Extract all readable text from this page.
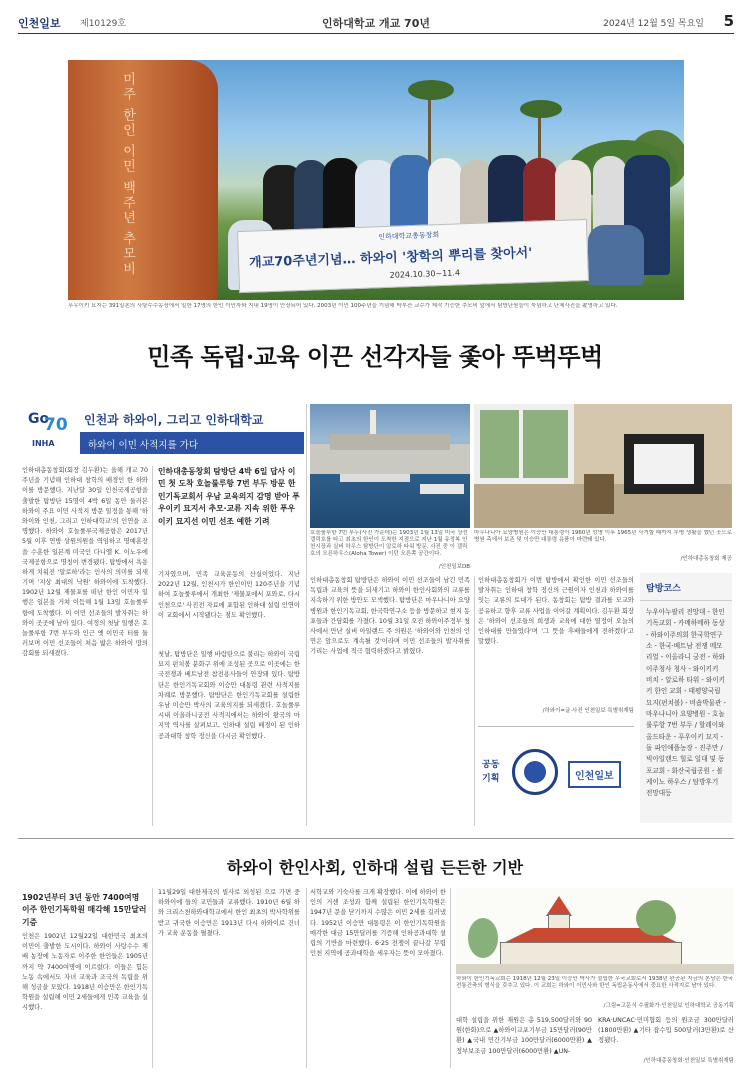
인천일보 제10129호	인하대학교 개교 70년	2024년 12월 5일 목요일 5
미주 한인 이민 백주년 추모비	인하대학교총동창회
개교70주년기념… 하와이 '창학의 뿌리를 찾아서'
2024.10.30~11.4
푸우이키 묘지는 391일본의 사탕수수농장에서 일한 17명의 한인 이민자와 지내 19명이 안장되어 있다. 2003년 이민 100주년을 기념해 박부잔 교수가 제작 기증한 추모비 앞에서 탐방단원들이 묵념하고 단체사진을 촬영하고 있다.
민족 독립·교육 이끈 선각자들 좇아 뚜벅뚜벅
Go
70
INHA
인천과 하와이, 그리고 인하대학교
하와이 이민 사적지를 가다
인하대총동창회(회장 김두환)는 올해 개교 70주년을 기념해 인하대 창학의 배경인 한 하와이를 방문했다. 지난달 30일 인천국제공항을 출발한 탐방단 15명이 4박 6일 동안 둘러본 하와이 주요 이민 사적지 방문 일정을 통해 '하와이와 인천, 그리고 인하대학교'의 인연을 조명했다. 하와이 호놀룰루국제공항은 2017년 5월 이후 연방 상원의원을 역임하고 명예훈장을 수훈한 일본계 미국인 다니엘 K. 이노우에 국제공항으로 명칭이 변경됐다. 탐방에서 욕용하게 치워진 '알로하'라는 인사의 의미를 되새기며 '지상 최대의 낙원' 하와이에 도착했다. 1902년 12월 제물포를 떠난 한인 이민자 일행은 일본을 거쳐 이듬해 1월 13일 호놀룰루항에 도착했다. 이 이민 선조들의 발자취는 하와이 곳곳에 남아 있다. 여정의 첫날 일행은 호놀룰루항 7번 부두와 인근 옛 이민국 터를 둘러보며 이민 선조들이 처음 밟은 하와이 땅의 감회를 되새겼다.
인하대총동창회 탐방단 4박 6일 답사 이민 첫 도착 호놀룰루항 7번 부두 방문 한인기독교회서 우남 교육의지 감명 받아 푸우이키 묘지서 추모·교류 지속 위한 푸우이키 묘지선 이민 선조 예한 기려
기자였으며, 민족 교육운동의 산실이었다. 지난 2022년 12월, 인천시가 한인이민 120주년을 기념하여 호놀룰루에서 개최한 '제물포에서 포와로, 다시 인천으로' 사진전 자료에 포함된 인하대 설립 인연이 이 교회에서 시작됐다는 점도 확인했다.
첫날, 탐방단은 일행 바람탄으로 불리는 하와이 국립묘지 펀치볼 분화구 위에 조성된 곳으로 이곳에는 한국전쟁과 베트남전 참전용사들이 안장돼 있다. 탐방단은 한인기독교회와 이승만 대통령 관련 사적지를 차례로 방문했다. 탐방단은 한인기독교회를 설립한 우남 이승만 박사의 교육의지를 되새겼다. 호놀룰루시내 이올라니궁전 사적지에서는 하와이 왕국의 마지막 역사를 살펴보고, 인하대 설립 배경이 된 인하공과대학 창학 정신을 다시금 확인했다.
호놀룰루항 7번 부두(사진 가운데)는 1903년 1월 13일 미국 상선 갤릭호를 타고 최초의 한인이 도착한 지점으로 지난 1월 유정복 인천시장과 실버 하우스 탐방단이 알로하 타워 방문. 사진 중 이 갤릭호의 오픈하우스(Aloha Tower) 이던 오른쪽 공간이다.
/인천일보DB
마우나니아 요양병원은 이승만 대통령이 1960년 망명 이후 1965년 사거할 때까지 투병 생활을 했던 곳으로 병원 측에서 보존 및 이승만 대통령 유품이 마련돼 있다.
/인하대총동창회 제공
인하대총동창회 탐방단은 하와이 이민 선조들이 남긴 민족 독립과 교육의 뜻을 되새기고 하와이 한인사회와의 교류를 지속하기 위한 방안도 모색했다. 탐방단은 마우나니아 요양병원과 한인기독교회, 한국학연구소 등을 방문하고 현지 동포들과 간담회를 가졌다. 10월 31일 오전 하와이주정부 청사에서 만난 실버 아일랜드 주 의원은 '하와이와 인천의 인연은 앞으로도 계속될 것'이라며 이민 선조들의 발자취를 기리는 사업에 적극 협력하겠다고 밝혔다.
인하대총동창회가 이번 탐방에서 확인한 이민 선조들의 발자취는 인하대 창학 정신의 근원이자 인천과 하와이를 잇는 교류의 토대가 된다. 동창회는 탐방 결과를 모교와 공유하고 향후 교류 사업을 이어갈 계획이다. 김두환 회장은 '하와이 선조들의 희생과 교육에 대한 열정이 오늘의 인하대를 만들었다'며 '그 뜻을 후배들에게 전하겠다'고 말했다.
/하와이=글·사진 인천일보 특별취재팀
공동 기획	인천일보
탐방코스
누우아누팔리 전망대 - 한인기독교회 - 카메하메하 동상 - 하와이주의회 한국학연구소 - 한국·베트남 전쟁 메모리얼 - 이올라니 궁전 - 하와이주청사 청사 - 와이키키 비치 - 알로하 타워 - 와이키키 한인 교회 - 태평양국립묘지(펀치볼) - 비숍박물관 - 마우나니아 요양병원 - 호놀룰루항 7번 부두 / 할레이와 올드타운 - 푸우이키 묘지 - 돌 파인애플농장 - 진주만 / 빅아일랜드 힐로 일대 및 동포교회 - 화산국립공원 - 볼케이노 하우스 / 탐방후기 전망대등
하와이 한인사회, 인하대 설립 든든한 기반
1902년부터 3년 동안 7400여명 이주 한인기독학원 매각해 15만달러 기증
인천은 1902년 12월22일 대한민국 최초의 이민이 출발한 도시이다. 하와이 사탕수수 재배 농장에 노동자로 이주한 한인들은 1905년까지 약 7400여명에 이르렀다. 이들은 힘든 노동 속에서도 자녀 교육과 조국의 독립을 위해 성금을 모았다. 1918년 이승만은 한인기독학원을 설립해 이민 2세들에게 민족 교육을 실시했다.
11월29일 대한제국의 빌사로 외성된 으로 가면 중 하와이에 들의 교민들과 교류했다. 1910년 6월 하와 크리스천하와대학교에서 한인 최초의 박사학위를 받고 귀국한 이승만은 1913년 다시 하와이로 건너가 교육 운동을 펼쳤다.
서학교와 기숙사를 크게 확장했다. 이에 하와이 한인의 거센 조성과 함께 설립된 한인기독학원은 1947년 문을 닫기까지 수많은 이민 2세를 길러냈다. 1952년 이승만 대통령은 이 한인기독학원을 매각한 대금 15만달러를 기증해 인하공과대학 설립의 기반을 마련했다. 6·25 전쟁이 끝나갈 무렵 인천 지역에 공과대학을 세우자는 뜻이 모아졌다.
하와이 한인기독교회는 1918년 12월 23일 이승만 박사가 설립한 우국교회로서 1938년 완공된 지금의 본당은 한국 전통건축의 형식을 갖추고 있다. 이 교회는 하와이 이민사와 한인 독립운동사에서 중요한 사적지로 남아 있다.
/그림=고문식 수필화가·인천일보 인하대학교 공동기획
대학 설립을 위한 재원은 총 519,500달러와 90원(한화)으로 ▲하와이교포기부금 15만달러(90만환) ▲국내 민간기부금 100만달러(6000만환) ▲정부보조금 100만달러(6000만환) ▲UN-
KRA·UNCAC·민미협회 등의 원조금 300만달러(1800만환) ▲기타 잡수입 500달러(3만환)로 산정됐다.
/인하대총동창회·인천일보 특별취재팀
